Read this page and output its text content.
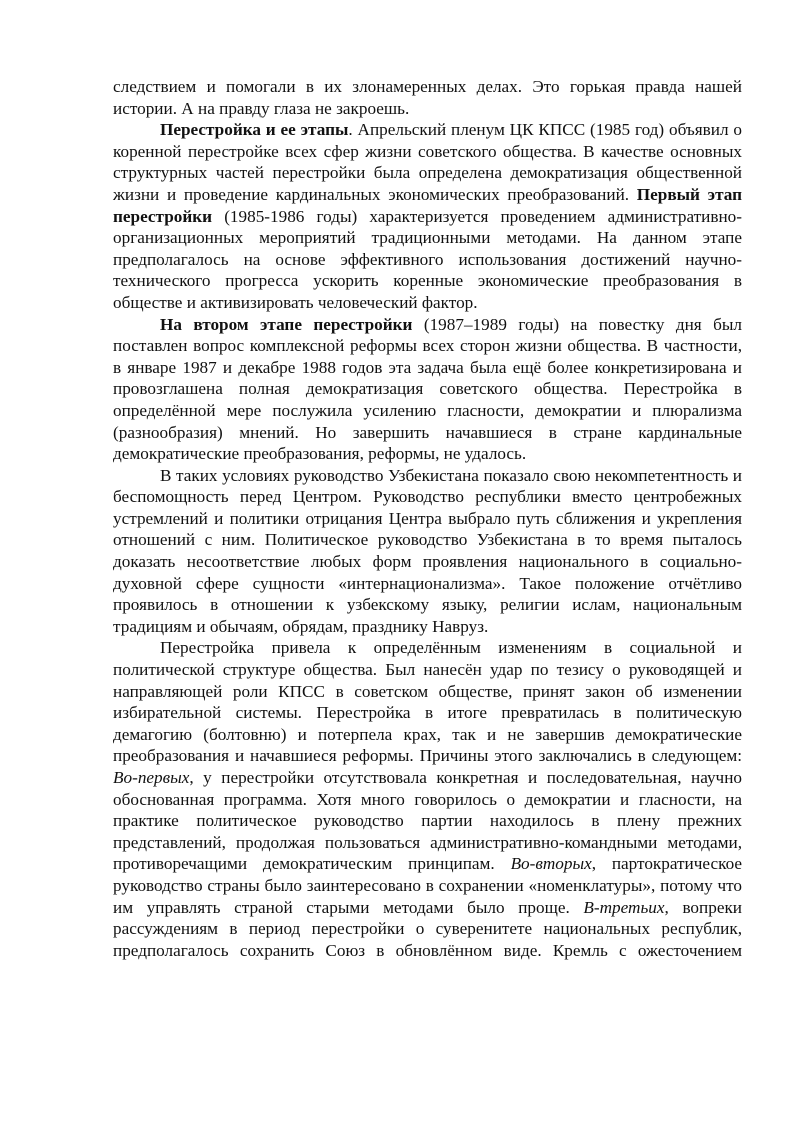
следствием и помогали в их злонамеренных делах. Это горькая правда нашей истории. А на правду глаза не закроешь.

Перестройка и ее этапы. Апрельский пленум ЦК КПСС (1985 год) объявил о коренной перестройке всех сфер жизни советского общества. В качестве основных структурных частей перестройки была определена демократизация общественной жизни и проведение кардинальных экономических преобразований. Первый этап перестройки (1985-1986 годы) характеризуется проведением административно-организационных мероприятий традиционными методами. На данном этапе предполагалось на основе эффективного использования достижений научно-технического прогресса ускорить коренные экономические преобразования в обществе и активизировать человеческий фактор.

На втором этапе перестройки (1987–1989 годы) на повестку дня был поставлен вопрос комплексной реформы всех сторон жизни общества. В частности, в январе 1987 и декабре 1988 годов эта задача была ещё более конкретизирована и провозглашена полная демократизация советского общества. Перестройка в определённой мере послужила усилению гласности, демократии и плюрализма (разнообразия) мнений. Но завершить начавшиеся в стране кардинальные демократические преобразования, реформы, не удалось.

В таких условиях руководство Узбекистана показало свою некомпетентность и беспомощность перед Центром. Руководство республики вместо центробежных устремлений и политики отрицания Центра выбрало путь сближения и укрепления отношений с ним. Политическое руководство Узбекистана в то время пыталось доказать несоответствие любых форм проявления национального в социально-духовной сфере сущности «интернационализма». Такое положение отчётливо проявилось в отношении к узбекскому языку, религии ислам, национальным традициям и обычаям, обрядам, празднику Навруз.

Перестройка привела к определённым изменениям в социальной и политической структуре общества. Был нанесён удар по тезису о руководящей и направляющей роли КПСС в советском обществе, принят закон об изменении избирательной системы. Перестройка в итоге превратилась в политическую демагогию (болтовню) и потерпела крах, так и не завершив демократические преобразования и начавшиеся реформы. Причины этого заключались в следующем: Во-первых, у перестройки отсутствовала конкретная и последовательная, научно обоснованная программа. Хотя много говорилось о демократии и гласности, на практике политическое руководство партии находилось в плену прежних представлений, продолжая пользоваться административно-командными методами, противоречащими демократическим принципам. Во-вторых, партократическое руководство страны было заинтересовано в сохранении «номенклатуры», потому что им управлять страной старыми методами было проще. В-третьих, вопреки рассуждениям в период перестройки о суверенитете национальных республик, предполагалось сохранить Союз в обновлённом виде. Кремль с ожесточением
